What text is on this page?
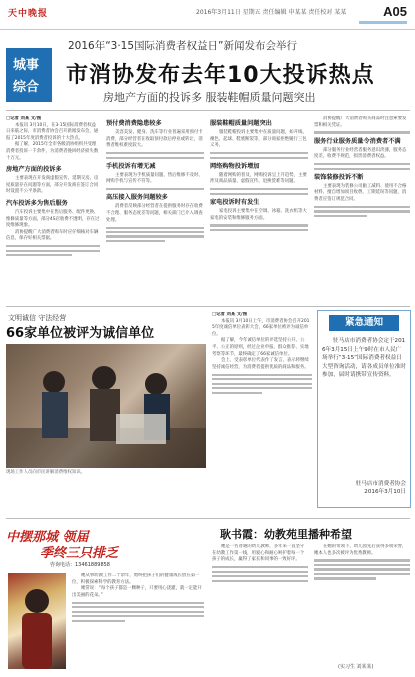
天中晚报	2016年3月11日 星期五 责任编辑 申某某 责任校对 某某	A05
城事
综合
2016年“3·15国际消费者权益日”新闻发布会举行
市消协发布去年10大投诉热点
房地产方面的投诉多 服装鞋帽质量问题突出
□记者 刘某 文/图

本报讯 3月10日，在3·15国际消费者权益日来临之际，市消费者协会召开新闻发布会，通报了2015年度消费者投诉的十大热点。

据了解，2015年全市各级消协组织共受理消费者投诉一千余件，为消费者挽回经济损失数十万元。

房地产方面的投诉多

主要表现在开发商虚假宣传、延期交房、房屋质量存在问题等方面，部分开发商在签订合同时设置不公平条款。

汽车投诉多为售后服务

汽车投诉主要集中在售后服务、配件更换、维修质量等方面，部分4S店收费不透明，存在过度维修现象。

消协提醒广大消费者购车时应仔细核对车辆信息，保存好相关票据。

预付费消费隐患较多

美容美发、健身、洗车等行业普遍采用预付卡消费，部分经营者在收取预付款后停业或转让，消费者维权难度较大。

手机投诉有增无减

主要表现为手机质量问题、售后维修不及时、网购手机与宣传不符等。

高压接入服务问题较多

消费者反映部分经营者在提供服务时存在收费不合理、服务态度差等问题，相关部门已介入调查处理。

服装鞋帽质量问题突出

服装鞋帽投诉主要集中在质量问题，如开线、褪色、起球、鞋底断裂等，部分商家拒绝履行三包义务。

网络购物投诉增加

随着网购的普及，网购投诉呈上升趋势，主要涉及商品质量、虚假宣传、退换货难等问题。

家电投诉时有发生

家电投诉主要集中在空调、冰箱、洗衣机等大家电的安装和维修服务方面。

消协提醒广大消费者购买商品时注意索要发票和相关凭证。

服务行业服务质量令消费者不满

部分服务行业经营者服务意识淡薄，服务态度差，收费不规范，损害消费者权益。

装饰装修投诉不断

主要表现为装修公司偷工减料、使用不合格材料、擅自增加项目收费、工期延误等问题，消费者应签订规范合同。

文明诚信 守法经营
66家单位被评为诚信单位
现场工作人员向市民讲解消费维权知识。
□记者 刘某 文/图

本报讯 3月10日上午，市消费者协会召开2015年度诚信单位表彰大会，66家单位被评为诚信单位。

据了解，今年诚信单位的评选坚持公开、公平、公正的原则，经过企业申报、群众推荐、实地考察等环节，最终确定了66家诚信单位。

会上，受表彰单位代表作了发言，表示将继续坚持诚信经营，为消费者提供优质的商品和服务。

紧急通知
驻马店市消费者协会定于2016年3月15日上午9时在市人民广场举行“3·15”国际消费者权益日大型咨询活动，请各成员单位准时参加，届时请携带宣传资料。
驻马店市消费者协会
2016年3月10日
中摆那城 领届
季终三只排乏
咨询电话：13461889858

她从事幼教工作二十余年，始终把孩子们的健康成长放在第一位，积极探索科学的教育方法。

她常说：“每个孩子都是一颗种子，只要用心浇灌，就一定能开出美丽的花朵。”

耿书霞：幼教苑里播种希望

她是一名普通的幼儿教师，多年来一直坚守在幼教工作第一线，用爱心和耐心呵护着每一个孩子的成长，赢得了家长和同事的一致好评。

在她的带领下，幼儿园先后获得多项荣誉，她本人也多次被评为优秀教师。

(实习生 刘某某)
